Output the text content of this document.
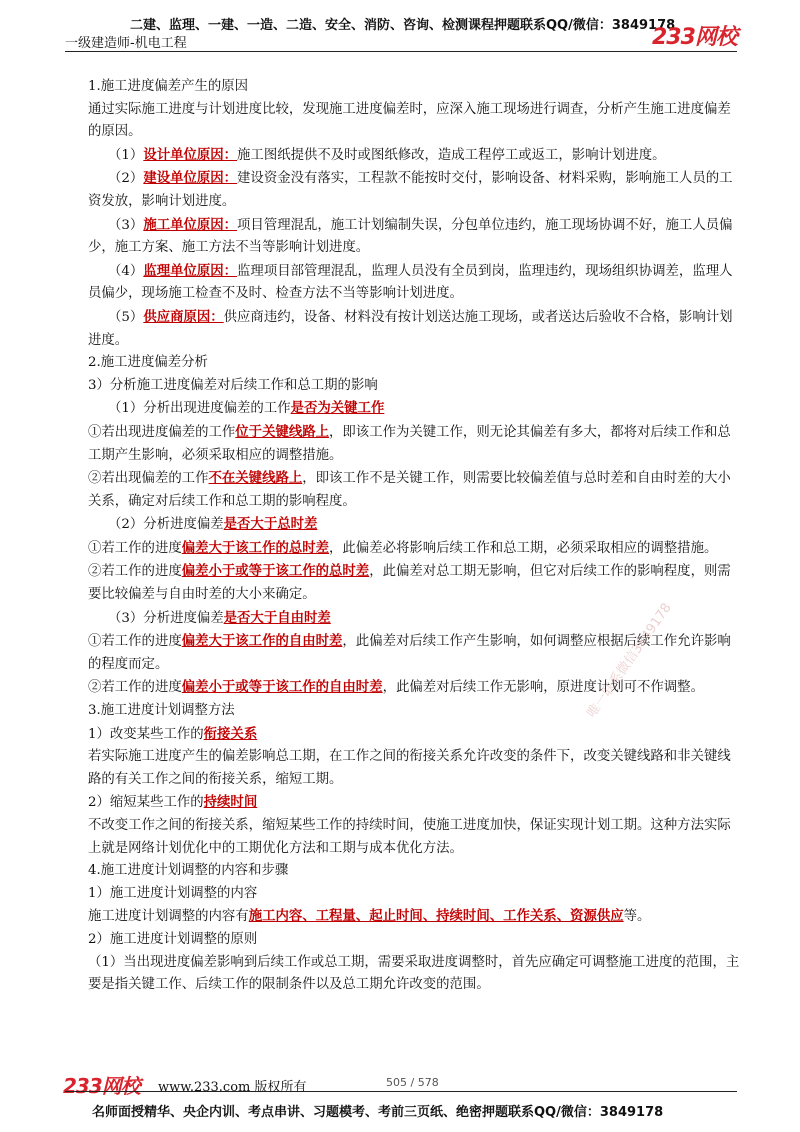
二建、监理、一建、一造、二造、安全、消防、咨询、检测课程押题联系QQ/微信：3849178
一级建造师-机电工程	233网校

1.施工进度偏差产生的原因

通过实际施工进度与计划进度比较，发现施工进度偏差时，应深入施工现场进行调查，分析产生施工进度偏差的原因。

（1）设计单位原因：施工图纸提供不及时或图纸修改，造成工程停工或返工，影响计划进度。

（2）建设单位原因：建设资金没有落实，工程款不能按时交付，影响设备、材料采购，影响施工人员的工资发放，影响计划进度。

（3）施工单位原因：项目管理混乱，施工计划编制失误，分包单位违约，施工现场协调不好，施工人员偏少，施工方案、施工方法不当等影响计划进度。

（4）监理单位原因：监理项目部管理混乱，监理人员没有全员到岗，监理违约，现场组织协调差，监理人员偏少，现场施工检查不及时、检查方法不当等影响计划进度。

（5）供应商原因：供应商违约，设备、材料没有按计划送达施工现场，或者送达后验收不合格，影响计划进度。

2.施工进度偏差分析

3）分析施工进度偏差对后续工作和总工期的影响

（1）分析出现进度偏差的工作是否为关键工作

①若出现进度偏差的工作位于关键线路上，即该工作为关键工作，则无论其偏差有多大，都将对后续工作和总工期产生影响，必须采取相应的调整措施。

②若出现偏差的工作不在关键线路上，即该工作不是关键工作，则需要比较偏差值与总时差和自由时差的大小关系，确定对后续工作和总工期的影响程度。

（2）分析进度偏差是否大于总时差

①若工作的进度偏差大于该工作的总时差，此偏差必将影响后续工作和总工期，必须采取相应的调整措施。

②若工作的进度偏差小于或等于该工作的总时差，此偏差对总工期无影响，但它对后续工作的影响程度，则需要比较偏差与自由时差的大小来确定。

（3）分析进度偏差是否大于自由时差

①若工作的进度偏差大于该工作的自由时差，此偏差对后续工作产生影响，如何调整应根据后续工作允许影响的程度而定。

②若工作的进度偏差小于或等于该工作的自由时差，此偏差对后续工作无影响，原进度计划可不作调整。

3.施工进度计划调整方法

1）改变某些工作的衔接关系

若实际施工进度产生的偏差影响总工期，在工作之间的衔接关系允许改变的条件下，改变关键线路和非关键线路的有关工作之间的衔接关系，缩短工期。

2）缩短某些工作的持续时间

不改变工作之间的衔接关系，缩短某些工作的持续时间，使施工进度加快，保证实现计划工期。这种方法实际上就是网络计划优化中的工期优化方法和工期与成本优化方法。

4.施工进度计划调整的内容和步骤

1）施工进度计划调整的内容

施工进度计划调整的内容有施工内容、工程量、起止时间、持续时间、工作关系、资源供应等。

2）施工进度计划调整的原则

（1）当出现进度偏差影响到后续工作或总工期，需要采取进度调整时，首先应确定可调整施工进度的范围，主要是指关键工作、后续工作的限制条件以及总工期允许改变的范围。

唯一联系微信3849178
233网校 www.233.com 版权所有	505 / 578
名师面授精华、央企内训、考点串讲、习题模考、考前三页纸、绝密押题联系QQ/微信：3849178
